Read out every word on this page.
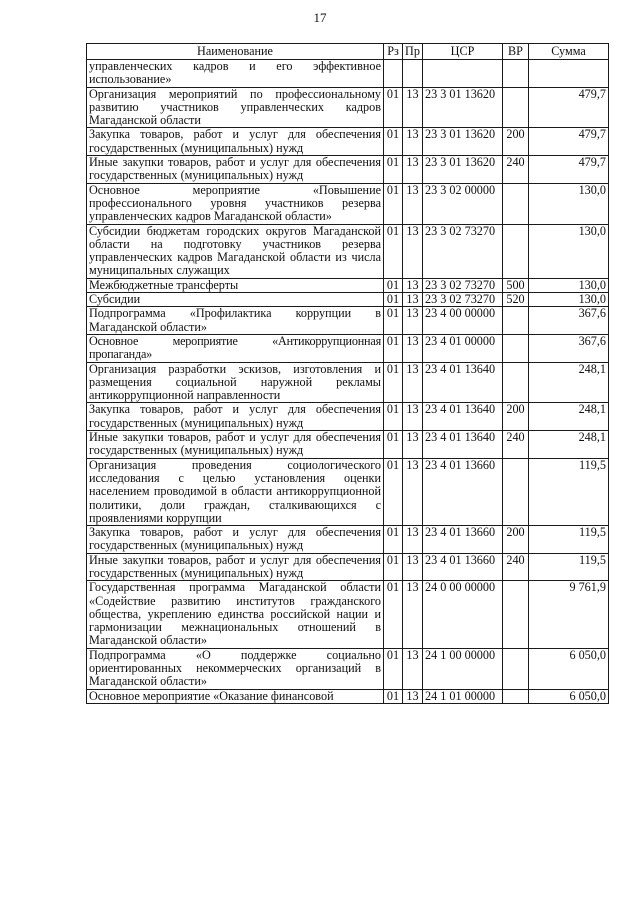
17
Наименование	Рз	Пр	ЦСР	ВР	Сумма
управленческих кадров и его эффективное использование»					
Организация мероприятий по профессиональному развитию участников управленческих кадров Магаданской области	01	13	23 3 01 13620		479,7
Закупка товаров, работ и услуг для обеспечения государственных (муниципальных) нужд	01	13	23 3 01 13620	200	479,7
Иные закупки товаров, работ и услуг для обеспечения государственных (муниципальных) нужд	01	13	23 3 01 13620	240	479,7
Основное мероприятие «Повышение профессионального уровня участников резерва управленческих кадров Магаданской области»	01	13	23 3 02 00000		130,0
Субсидии бюджетам городских округов Магаданской области на подготовку участников резерва управленческих кадров Магаданской области из числа муниципальных служащих	01	13	23 3 02 73270		130,0
Межбюджетные трансферты	01	13	23 3 02 73270	500	130,0
Субсидии	01	13	23 3 02 73270	520	130,0
Подпрограмма «Профилактика коррупции в Магаданской области»	01	13	23 4 00 00000		367,6
Основное мероприятие «Антикоррупционная пропаганда»	01	13	23 4 01 00000		367,6
Организация разработки эскизов, изготовления и размещения социальной наружной рекламы антикоррупционной направленности	01	13	23 4 01 13640		248,1
Закупка товаров, работ и услуг для обеспечения государственных (муниципальных) нужд	01	13	23 4 01 13640	200	248,1
Иные закупки товаров, работ и услуг для обеспечения государственных (муниципальных) нужд	01	13	23 4 01 13640	240	248,1
Организация проведения социологического исследования с целью установления оценки населением проводимой в области антикоррупционной политики, доли граждан, сталкивающихся с проявлениями коррупции	01	13	23 4 01 13660		119,5
Закупка товаров, работ и услуг для обеспечения государственных (муниципальных) нужд	01	13	23 4 01 13660	200	119,5
Иные закупки товаров, работ и услуг для обеспечения государственных (муниципальных) нужд	01	13	23 4 01 13660	240	119,5
Государственная программа Магаданской области «Содействие развитию институтов гражданского общества, укреплению единства российской нации и гармонизации межнациональных отношений в Магаданской области»	01	13	24 0 00 00000		9 761,9
Подпрограмма «О поддержке социально ориентированных некоммерческих организаций в Магаданской области»	01	13	24 1 00 00000		6 050,0
Основное мероприятие «Оказание финансовой	01	13	24 1 01 00000		6 050,0
